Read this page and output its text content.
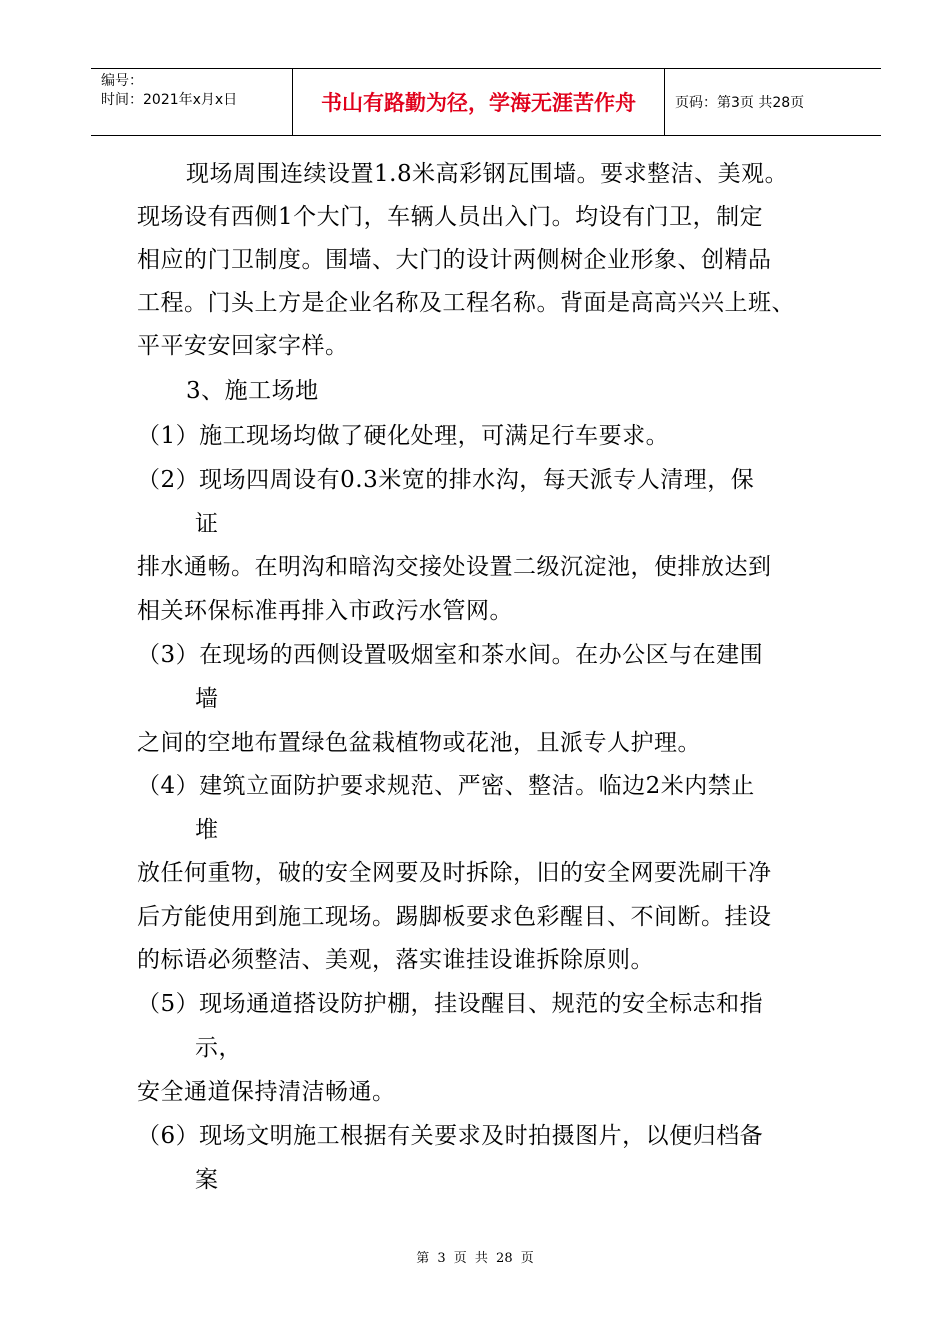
编号：
时间：2021年x月x日	书山有路勤为径，学海无涯苦作舟	页码：第3页 共28页
现场周围连续设置1.8米高彩钢瓦围墙。要求整洁、美观。
现场设有西侧1个大门，车辆人员出入门。均设有门卫，制定
相应的门卫制度。围墙、大门的设计两侧树企业形象、创精品
工程。门头上方是企业名称及工程名称。背面是高高兴兴上班、
平平安安回家字样。
3、施工场地
（1）施工现场均做了硬化处理，可满足行车要求。
（2）现场四周设有0.3米宽的排水沟，每天派专人清理，保
证
排水通畅。在明沟和暗沟交接处设置二级沉淀池，使排放达到
相关环保标准再排入市政污水管网。
（3）在现场的西侧设置吸烟室和茶水间。在办公区与在建围
墙
之间的空地布置绿色盆栽植物或花池，且派专人护理。
（4）建筑立面防护要求规范、严密、整洁。临边2米内禁止
堆
放任何重物，破的安全网要及时拆除，旧的安全网要洗刷干净
后方能使用到施工现场。踢脚板要求色彩醒目、不间断。挂设
的标语必须整洁、美观，落实谁挂设谁拆除原则。
（5）现场通道搭设防护棚，挂设醒目、规范的安全标志和指
示，
安全通道保持清洁畅通。
（6）现场文明施工根据有关要求及时拍摄图片，以便归档备
案
第 3 页 共 28 页
